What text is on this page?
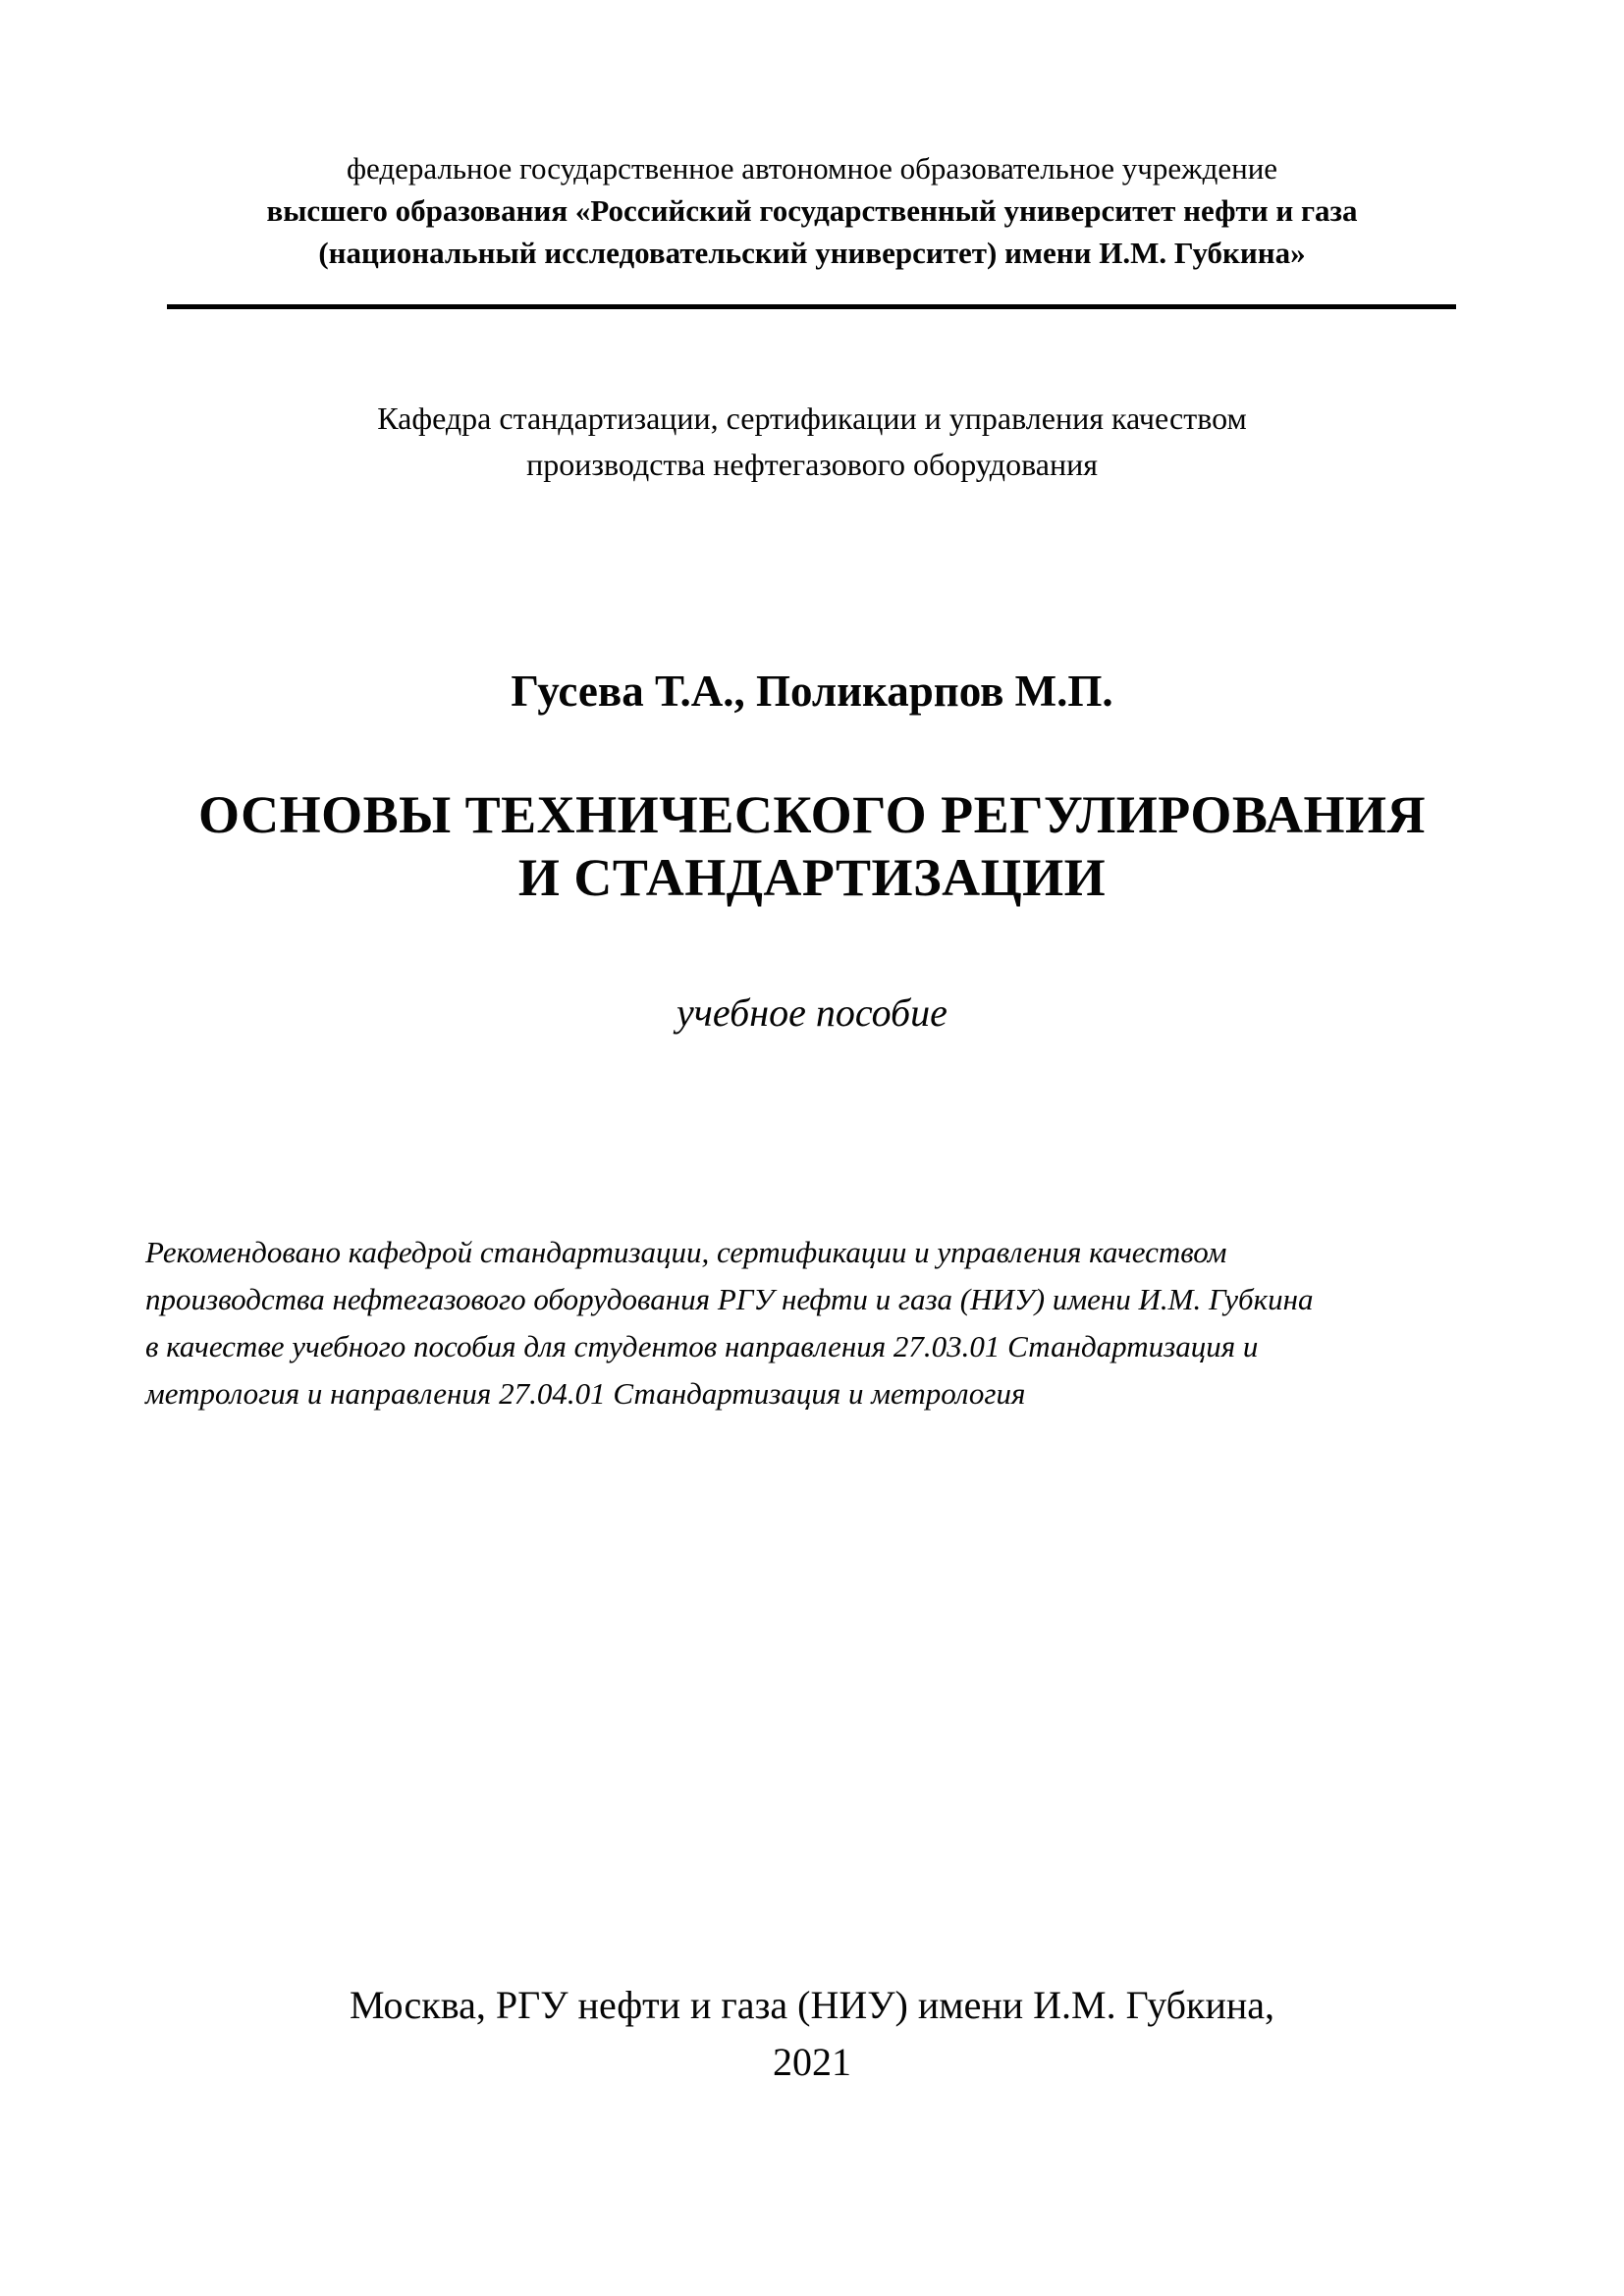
федеральное государственное автономное образовательное учреждение
высшего образования «Российский государственный университет нефти и газа
(национальный исследовательский университет) имени И.М. Губкина»
Кафедра стандартизации, сертификации и управления качеством
производства нефтегазового оборудования
Гусева Т.А., Поликарпов М.П.
ОСНОВЫ ТЕХНИЧЕСКОГО РЕГУЛИРОВАНИЯ
И СТАНДАРТИЗАЦИИ
учебное пособие
Рекомендовано кафедрой стандартизации, сертификации и управления качеством
производства нефтегазового оборудования РГУ нефти и газа (НИУ) имени И.М. Губкина
в качестве учебного пособия для студентов направления 27.03.01 Стандартизация и
метрология и направления 27.04.01 Стандартизация и метрология
Москва, РГУ нефти и газа (НИУ) имени И.М. Губкина,
2021
